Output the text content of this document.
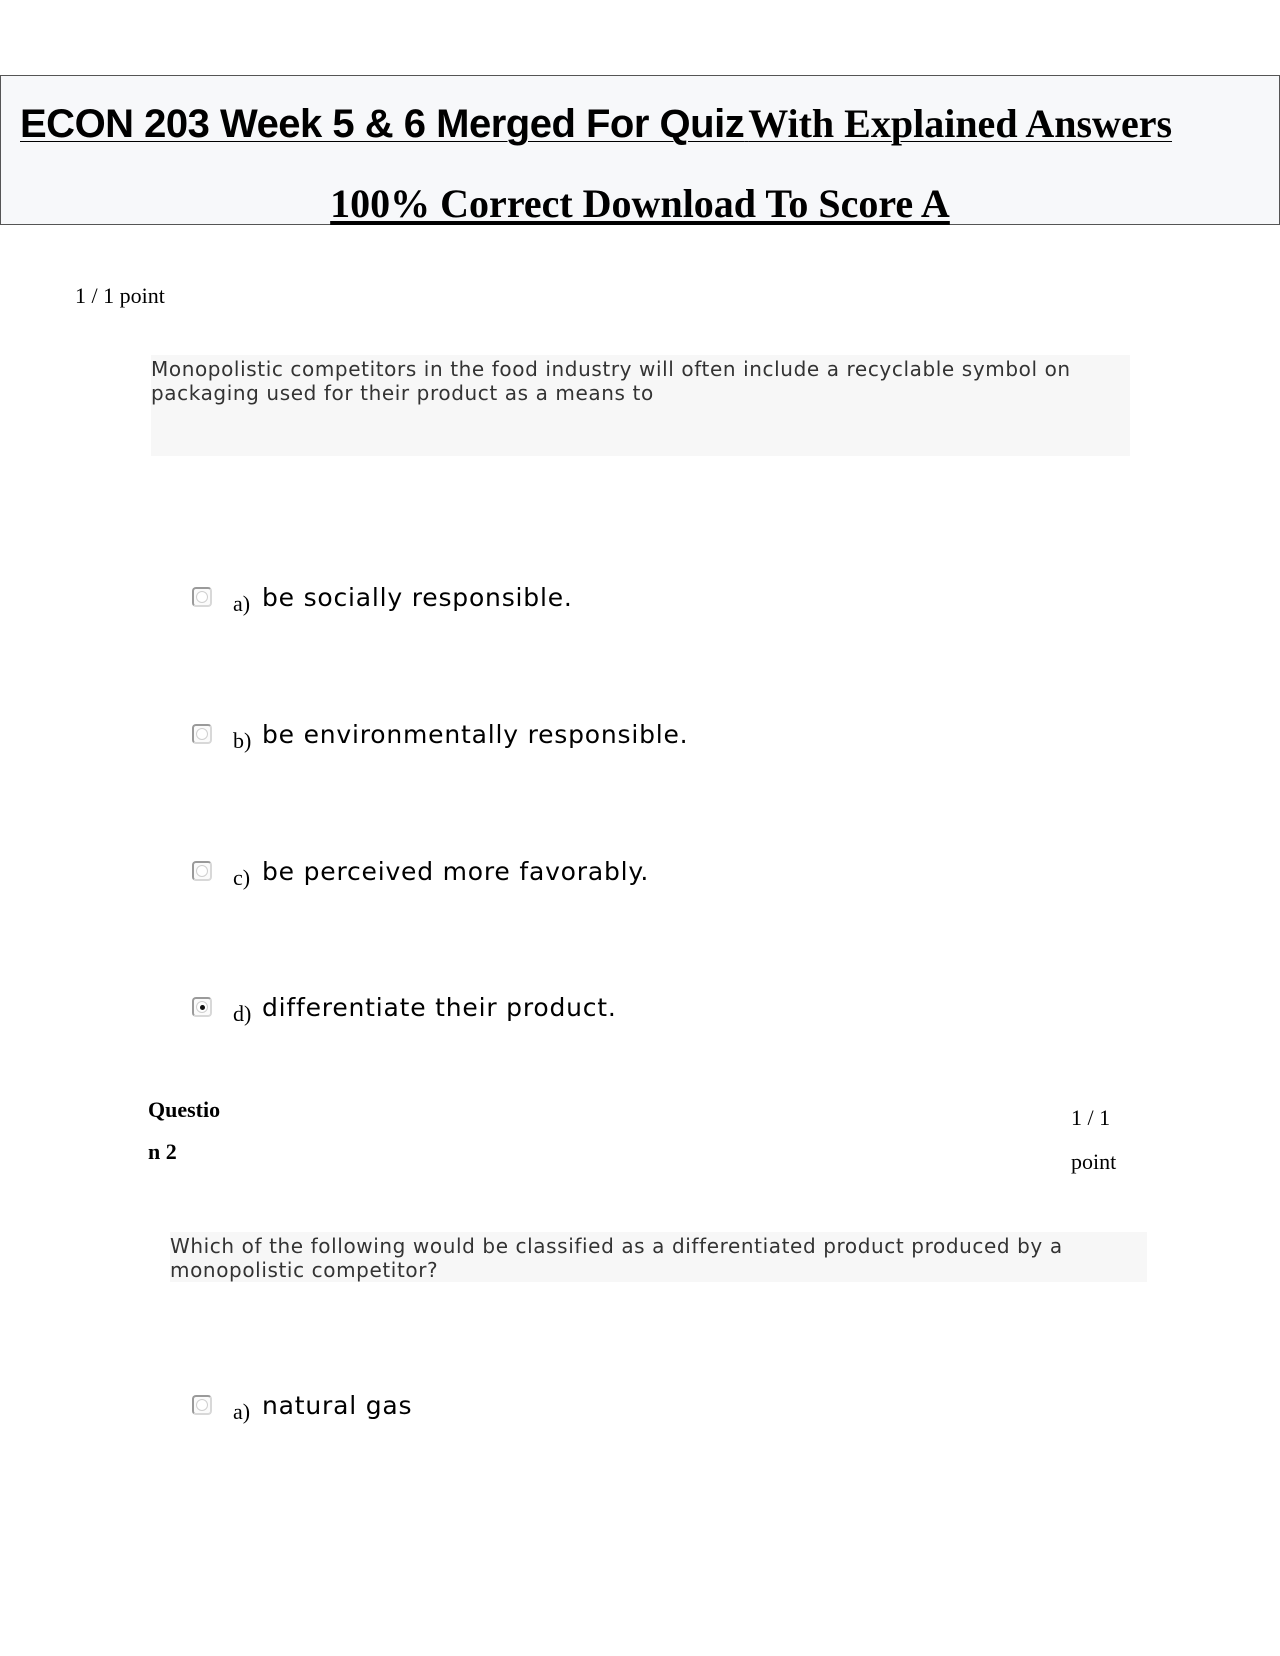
ECON 203 Week 5 & 6 Merged For Quiz With Explained Answers
100% Correct Download To Score A
1 / 1 point
Monopolistic competitors in the food industry will often include a recyclable symbol on packaging used for their product as a means to
a) be socially responsible.
b) be environmentally responsible.
c) be perceived more favorably.
d) differentiate their product.
Questio
n 2
1 / 1
point
Which of the following would be classified as a differentiated product produced by a monopolistic competitor?
a) natural gas
